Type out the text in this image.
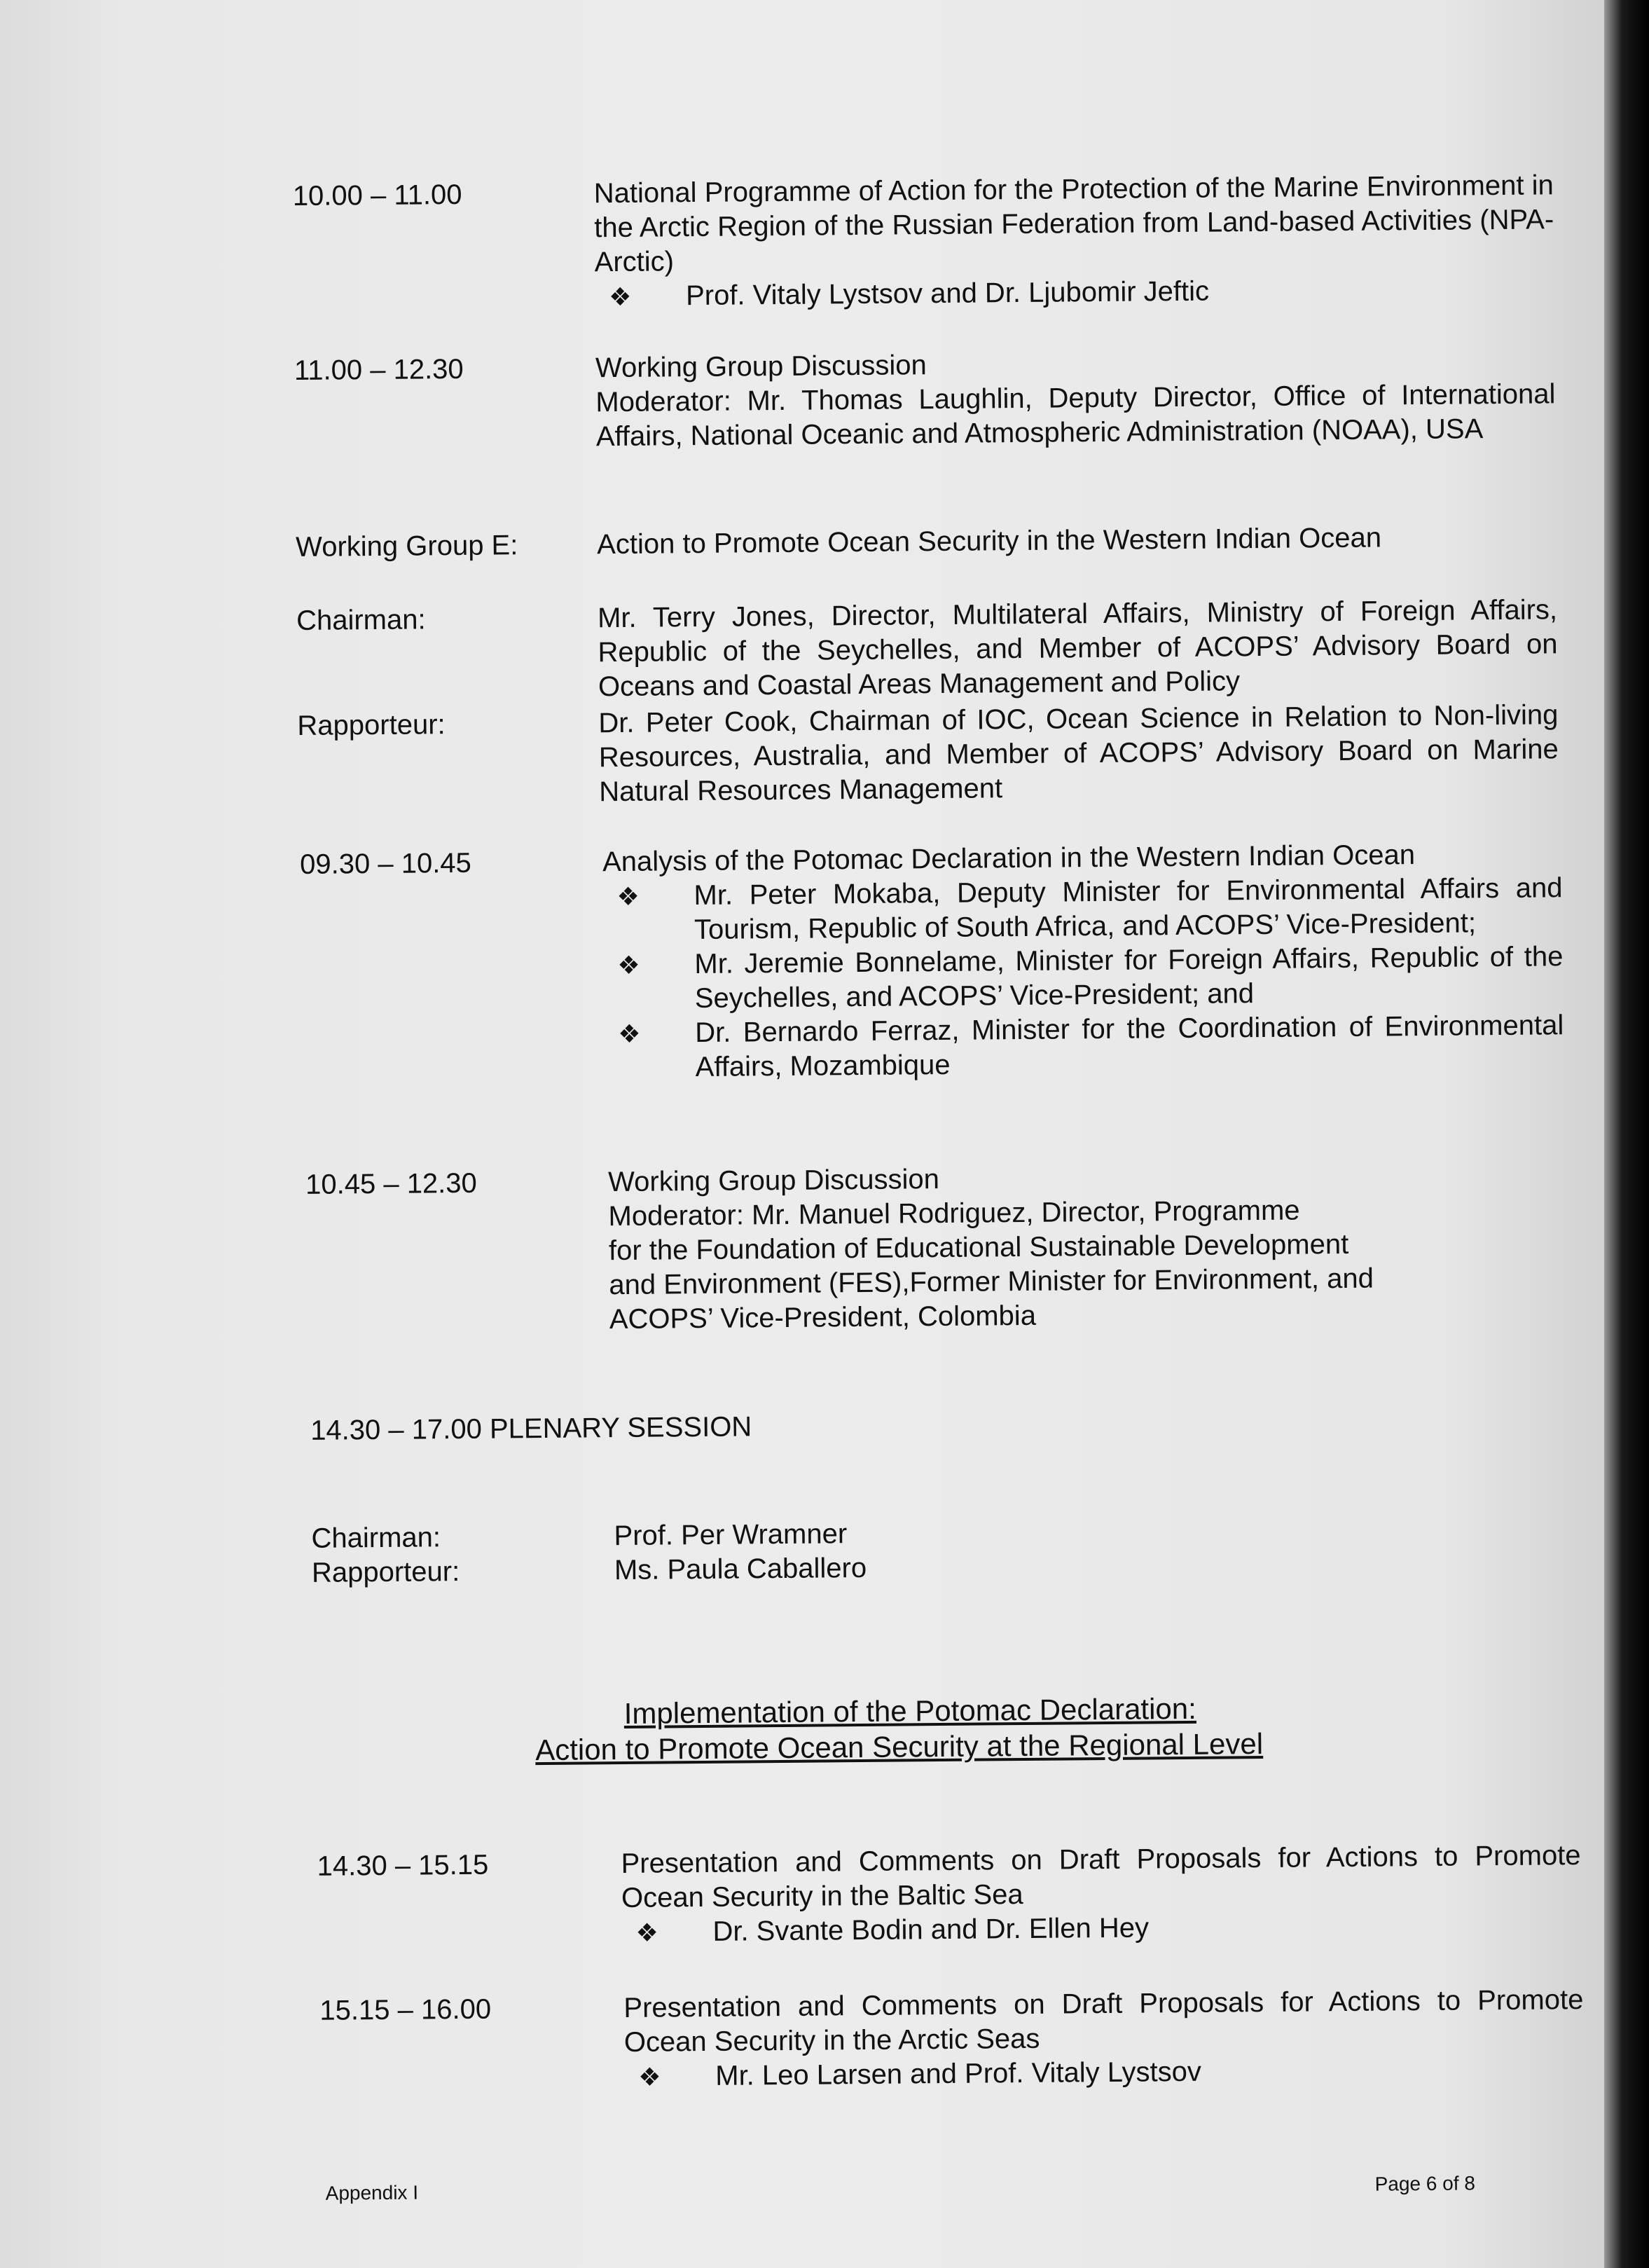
10.00 – 11.00	National Programme of Action for the Protection of the Marine Environment in the Arctic Region of the Russian Federation from Land-based Activities (NPA-Arctic)
❖	Prof. Vitaly Lystsov and Dr. Ljubomir Jeftic
11.00 – 12.30	Working Group Discussion
Moderator: Mr. Thomas Laughlin, Deputy Director, Office of International Affairs, National Oceanic and Atmospheric Administration (NOAA), USA
Working Group E:	Action to Promote Ocean Security in the Western Indian Ocean
Chairman:	Mr. Terry Jones, Director, Multilateral Affairs, Ministry of Foreign Affairs, Republic of the Seychelles, and Member of ACOPS’ Advisory Board on Oceans and Coastal Areas Management and Policy
Rapporteur:	Dr. Peter Cook, Chairman of IOC, Ocean Science in Relation to Non-living Resources, Australia, and Member of ACOPS’ Advisory Board on Marine Natural Resources Management
09.30 – 10.45	Analysis of the Potomac Declaration in the Western Indian Ocean
❖	Mr. Peter Mokaba, Deputy Minister for Environmental Affairs and Tourism, Republic of South Africa, and ACOPS’ Vice-President;
❖	Mr. Jeremie Bonnelame, Minister for Foreign Affairs, Republic of the Seychelles, and ACOPS’ Vice-President; and
❖	Dr. Bernardo Ferraz, Minister for the Coordination of Environmental Affairs, Mozambique
10.45 – 12.30	Working Group Discussion
Moderator: Mr. Manuel Rodriguez, Director, Programme
for the Foundation of Educational Sustainable Development
and Environment (FES),Former Minister for Environment, and
ACOPS’ Vice-President, Colombia
14.30 – 17.00 PLENARY SESSION
Chairman:	Prof. Per Wramner
Rapporteur:	Ms. Paula Caballero
Implementation of the Potomac Declaration:
Action to Promote Ocean Security at the Regional Level
14.30 – 15.15	Presentation and Comments on Draft Proposals for Actions to Promote Ocean Security in the Baltic Sea
❖	Dr. Svante Bodin and Dr. Ellen Hey
15.15 – 16.00	Presentation and Comments on Draft Proposals for Actions to Promote Ocean Security in the Arctic Seas
❖	Mr. Leo Larsen and Prof. Vitaly Lystsov
Appendix I	Page 6 of 8
